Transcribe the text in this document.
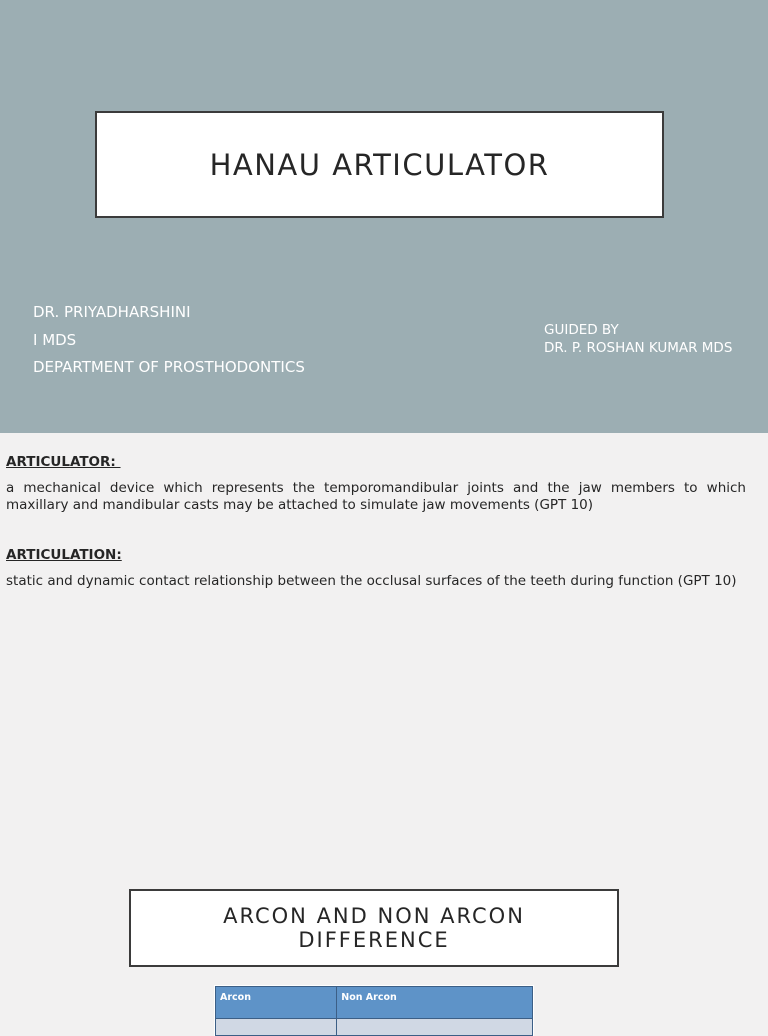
HANAU ARTICULATOR
DR. PRIYADHARSHINI
I MDS
DEPARTMENT OF PROSTHODONTICS
GUIDED BY
DR. P. ROSHAN KUMAR MDS
ARTICULATOR:
a mechanical device which represents the temporomandibular joints and the jaw members to which maxillary and mandibular casts may be attached to simulate jaw movements (GPT 10)
ARTICULATION:
static and dynamic contact relationship between the occlusal surfaces of the teeth during function (GPT 10)
ARCON AND NON ARCON DIFFERENCE
Arcon	Non Arcon
